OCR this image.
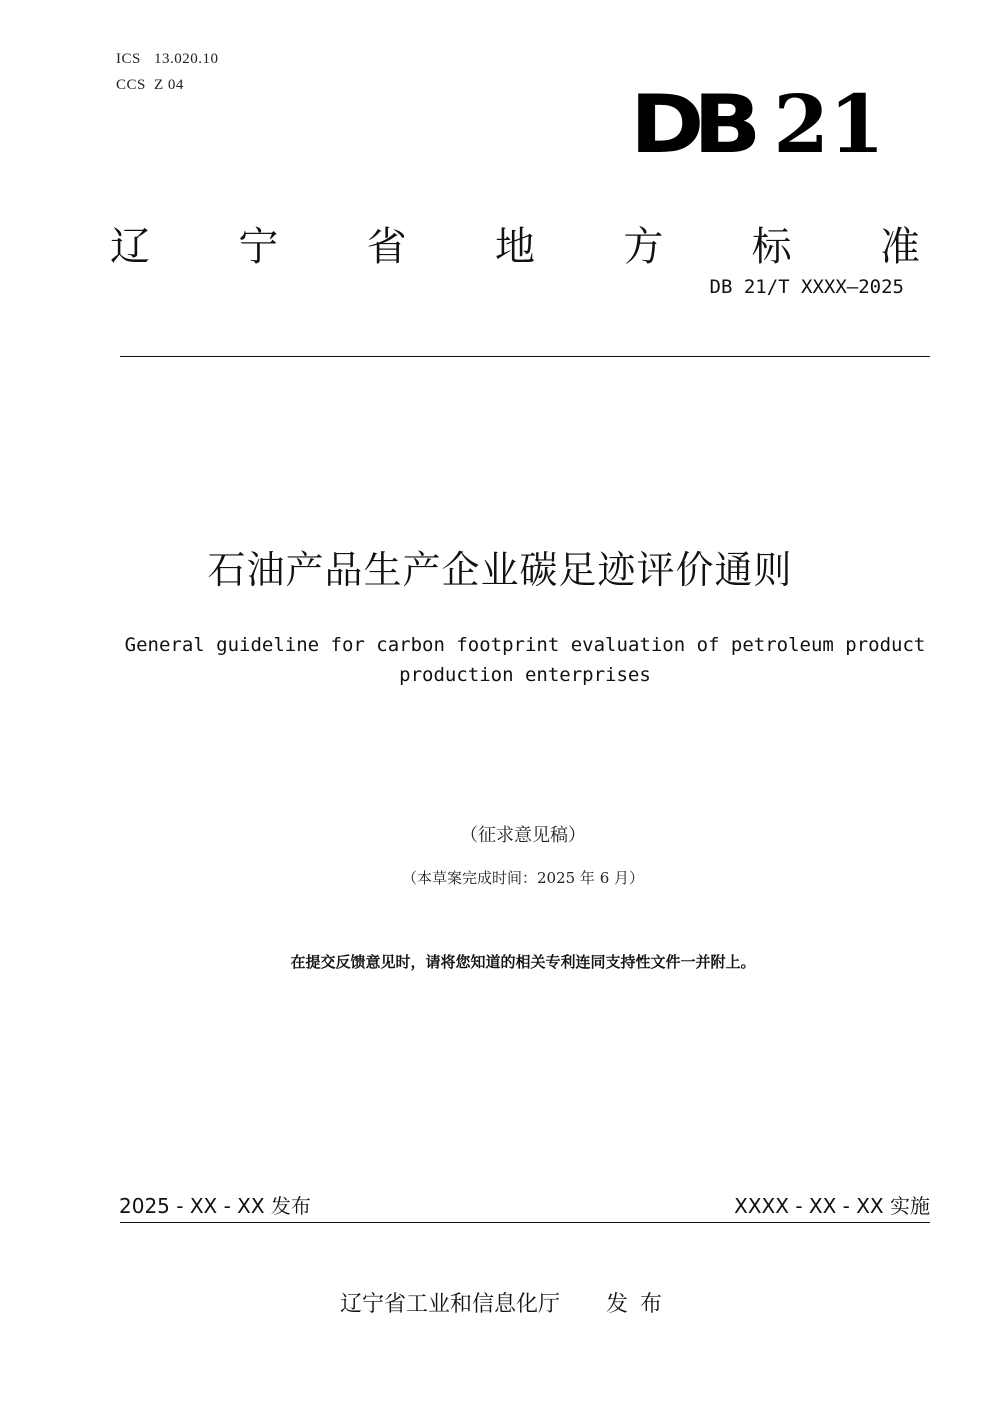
ICS 13.020.10
CCS Z 04	DB 21
辽 宁 省 地 方 标 准
DB 21/T XXXX—2025
石油产品生产企业碳足迹评价通则
General guideline for carbon footprint evaluation of petroleum product
production enterprises
（征求意见稿）
（本草案完成时间：2025 年 6 月）
在提交反馈意见时，请将您知道的相关专利连同支持性文件一并附上。
2025 - XX - XX 发布	XXXX - XX - XX 实施
辽宁省工业和信息化厅 发布
